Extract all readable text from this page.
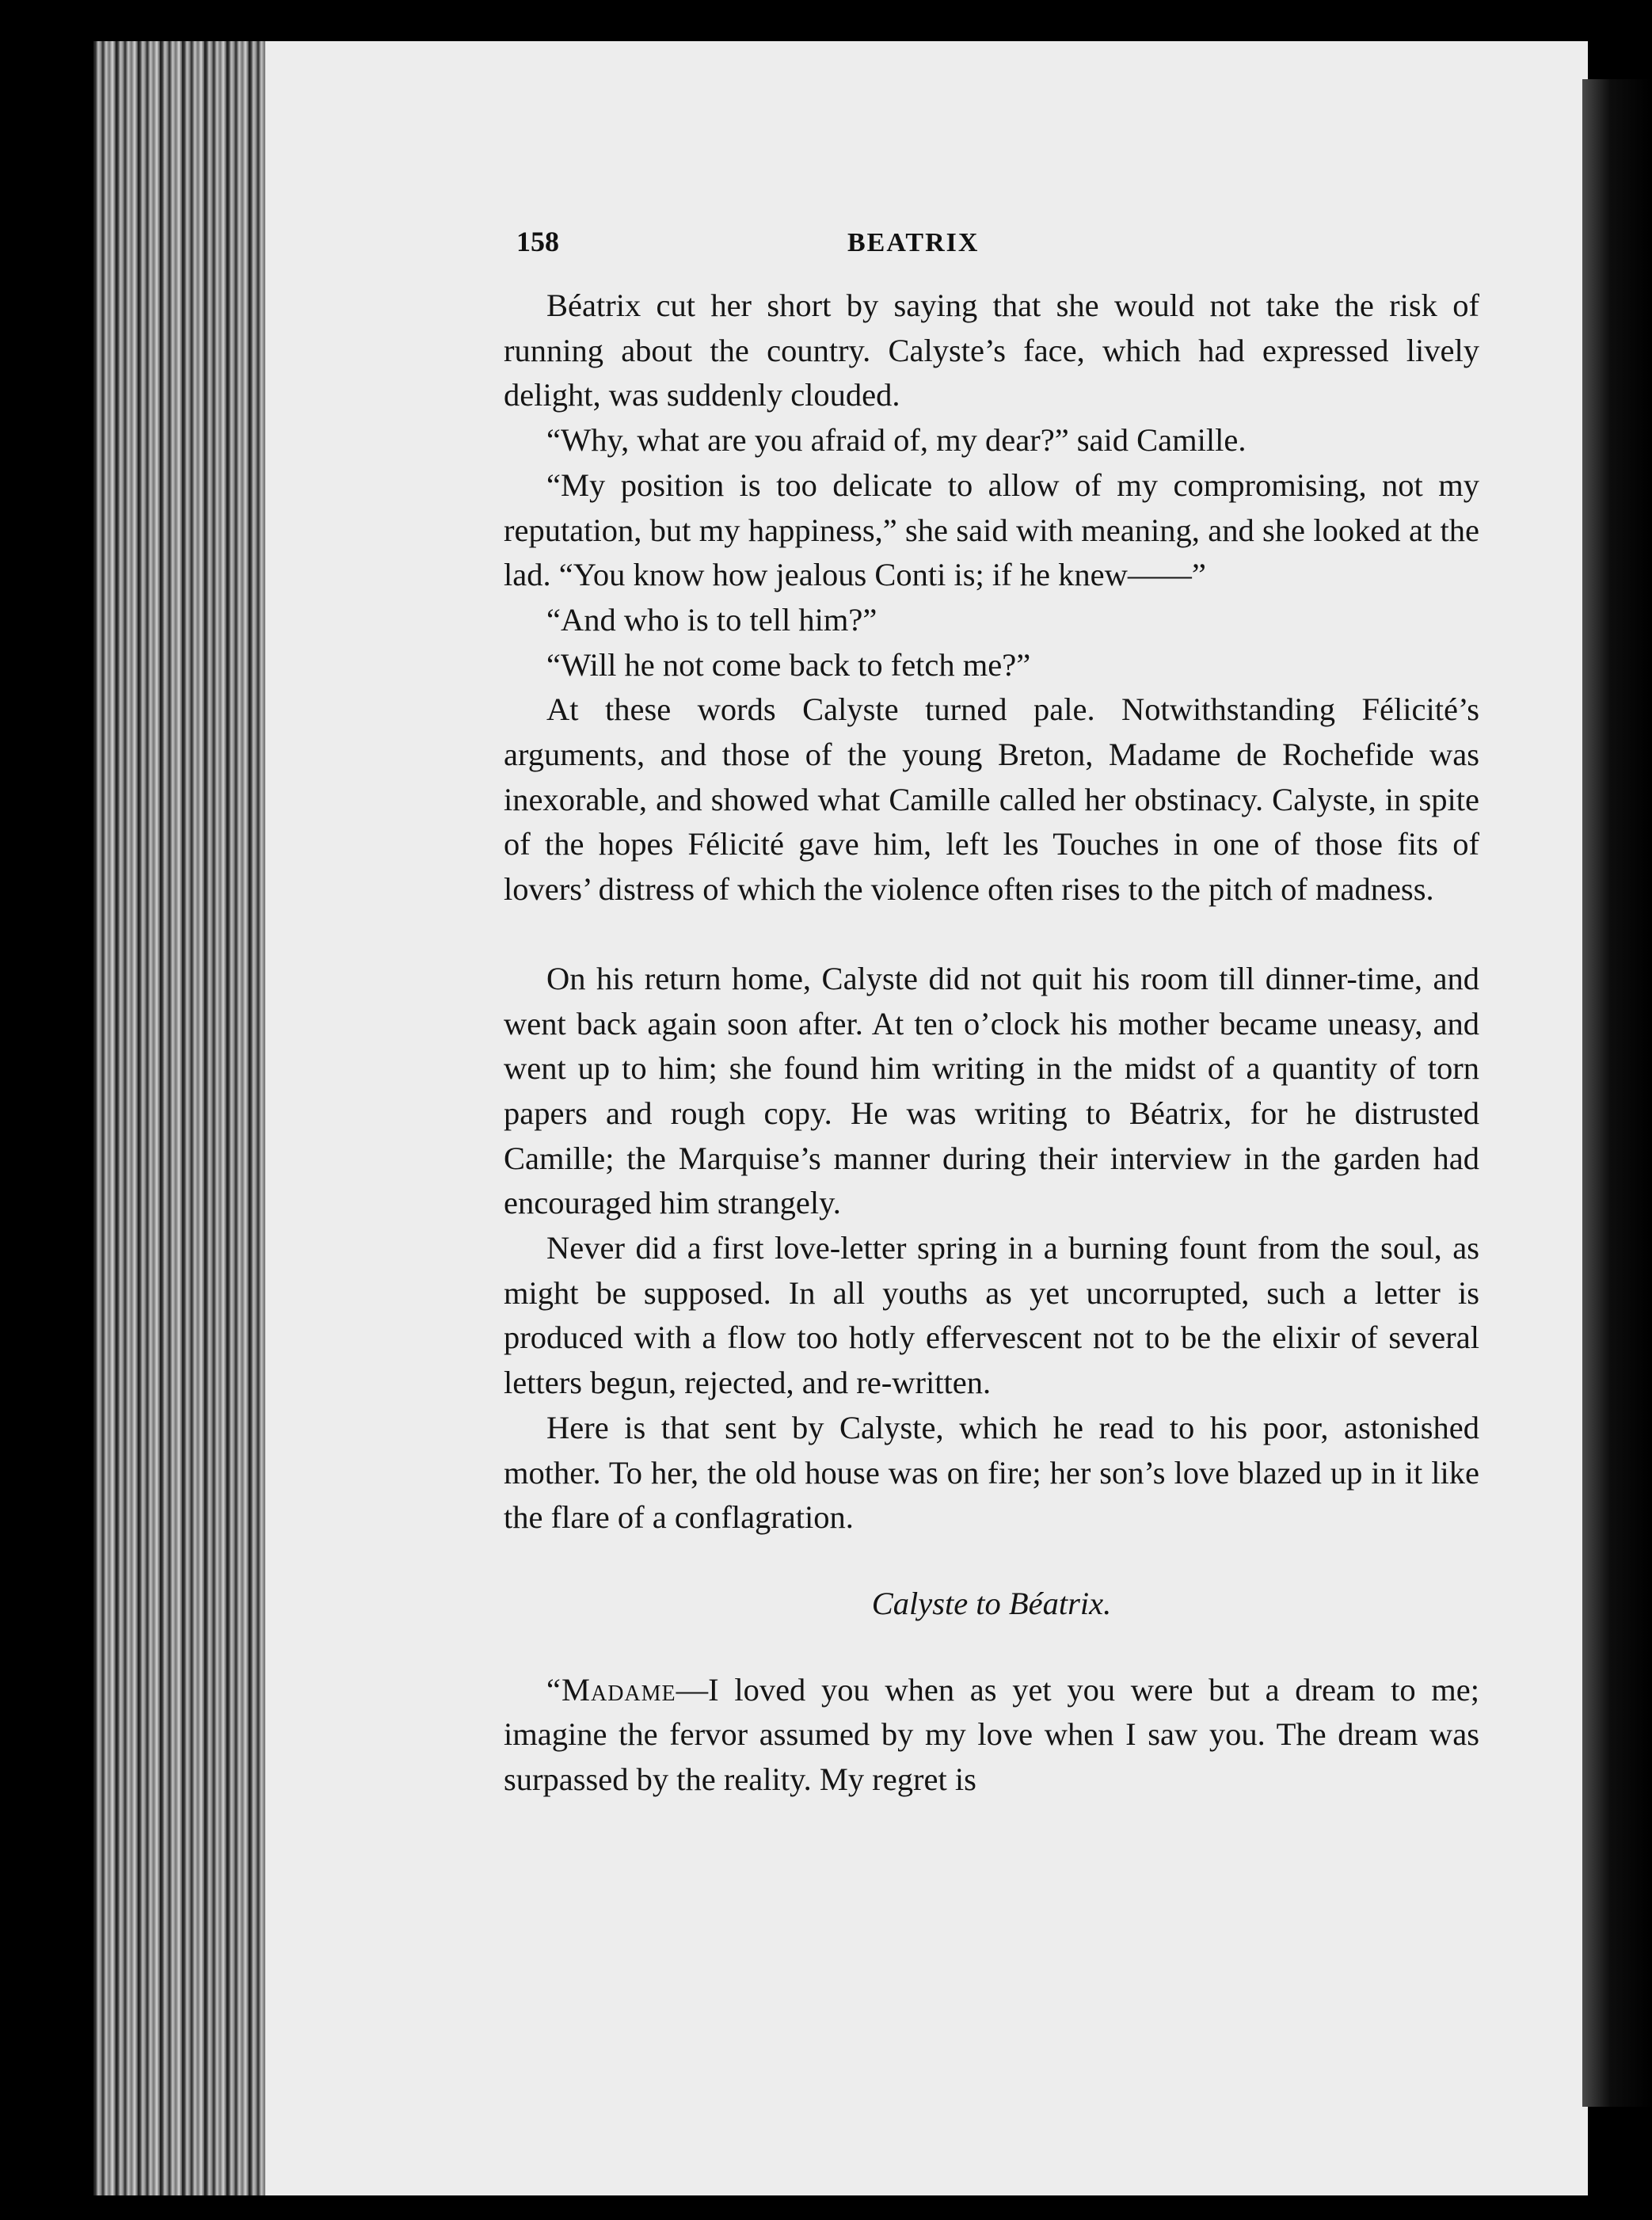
158	BEATRIX

Béatrix cut her short by saying that she would not take the risk of running about the country. Calyste’s face, which had expressed lively delight, was suddenly clouded.

“Why, what are you afraid of, my dear?” said Camille.

“My position is too delicate to allow of my compromising, not my reputation, but my happiness,” she said with meaning, and she looked at the lad. “You know how jealous Conti is; if he knew——”

“And who is to tell him?”

“Will he not come back to fetch me?”

At these words Calyste turned pale. Notwithstanding Félicité’s arguments, and those of the young Breton, Madame de Rochefide was inexorable, and showed what Camille called her obstinacy. Calyste, in spite of the hopes Félicité gave him, left les Touches in one of those fits of lovers’ distress of which the violence often rises to the pitch of madness.

On his return home, Calyste did not quit his room till dinner-time, and went back again soon after. At ten o’clock his mother became uneasy, and went up to him; she found him writing in the midst of a quantity of torn papers and rough copy. He was writing to Béatrix, for he distrusted Camille; the Marquise’s manner during their interview in the garden had encouraged him strangely.

Never did a first love-letter spring in a burning fount from the soul, as might be supposed. In all youths as yet uncorrupted, such a letter is produced with a flow too hotly effervescent not to be the elixir of several letters begun, rejected, and re-written.

Here is that sent by Calyste, which he read to his poor, astonished mother. To her, the old house was on fire; her son’s love blazed up in it like the flare of a conflagration.

Calyste to Béatrix.

“Madame—I loved you when as yet you were but a dream to me; imagine the fervor assumed by my love when I saw you. The dream was surpassed by the reality. My regret is
